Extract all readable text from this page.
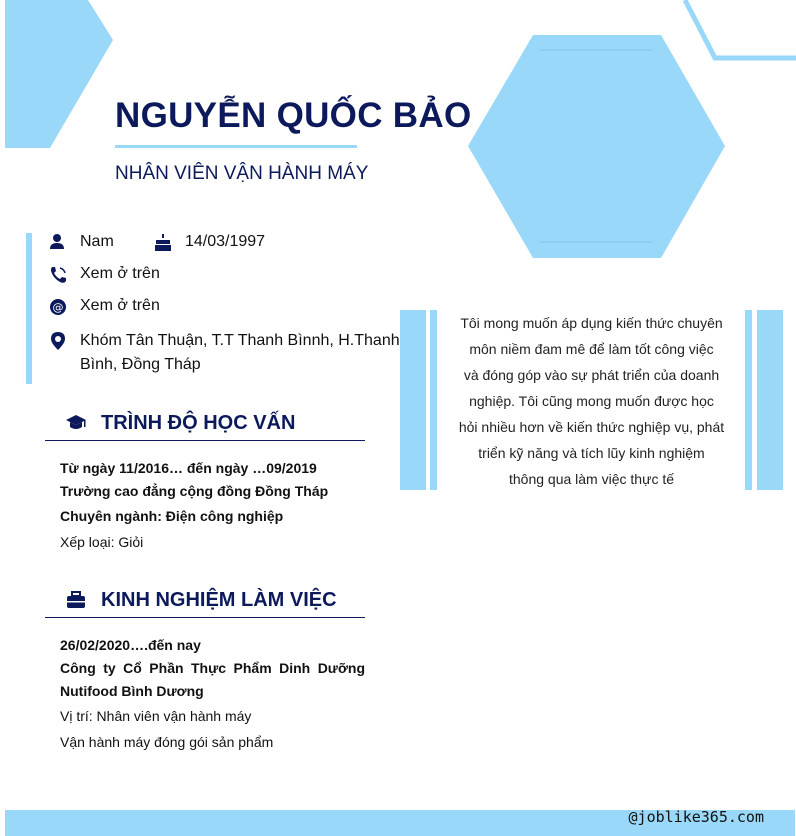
NGUYỄN QUỐC BẢO
NHÂN VIÊN VẬN HÀNH MÁY
Nam	14/03/1997
Xem ở trên
@ Xem ở trên
Khóm Tân Thuận, T.T Thanh Bìnnh, H.Thanh
Bình, Đồng Tháp
TRÌNH ĐỘ HỌC VẤN
Từ ngày 11/2016… đến ngày …09/2019
Trường cao đẳng cộng đồng Đồng Tháp
Chuyên ngành: Điện công nghiệp
Xếp loại: Giỏi
KINH NGHIỆM LÀM VIỆC
26/02/2020….đến nay
Công ty Cổ Phần Thực Phẩm Dinh Dưỡng Nutifood Bình Dương
Vị trí: Nhân viên vận hành máy
Vận hành máy đóng gói sản phẩm
Tôi mong muốn áp dụng kiến thức chuyên
môn niềm đam mê để làm tốt công việc
và đóng góp vào sự phát triển của doanh
nghiệp. Tôi cũng mong muốn được học
hỏi nhiều hơn về kiến thức nghiệp vụ, phát
triển kỹ năng và tích lũy kinh nghiệm
thông qua làm việc thực tế
@joblike365.com
